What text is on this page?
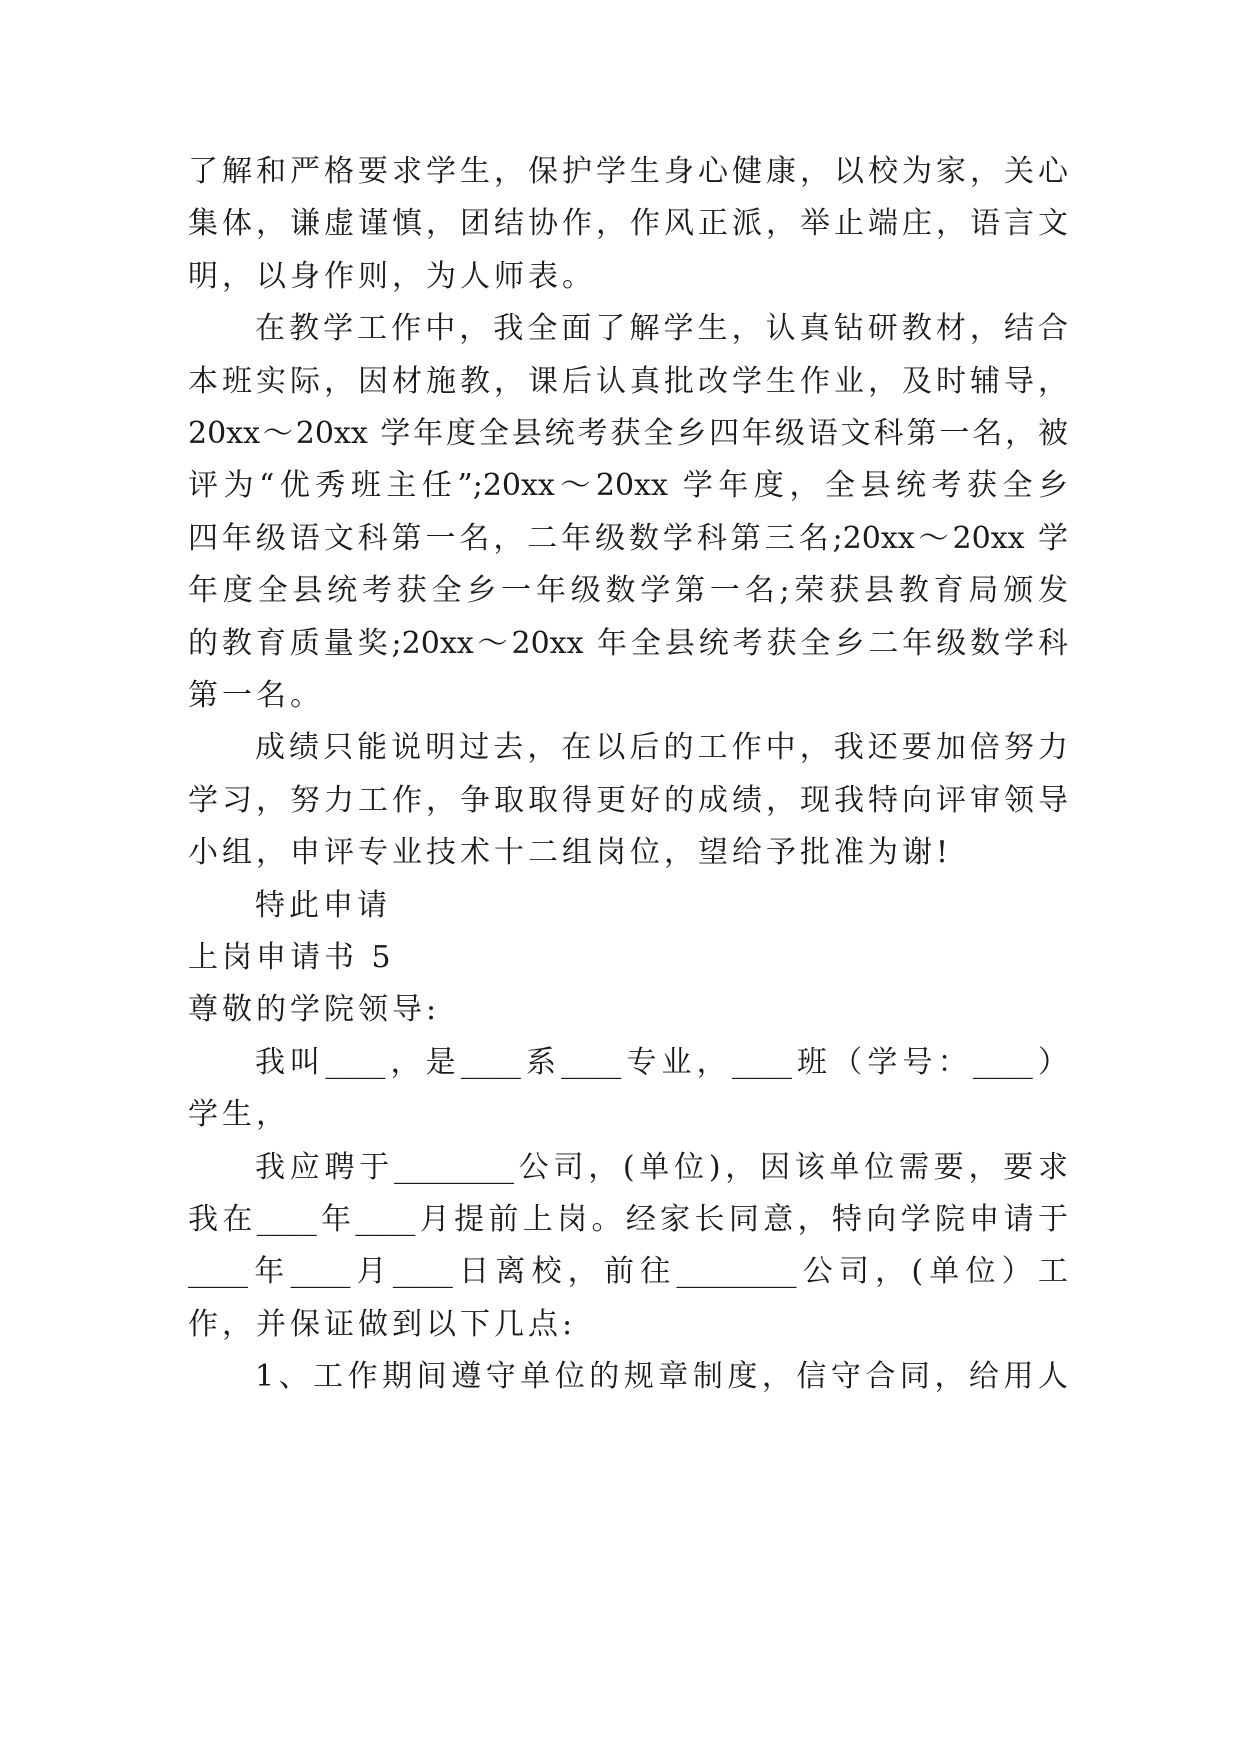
了解和严格要求学生，保护学生身心健康，以校为家，关心
集体，谦虚谨慎，团结协作，作风正派，举止端庄，语言文
明，以身作则，为人师表。
在教学工作中，我全面了解学生，认真钻研教材，结合
本班实际，因材施教，课后认真批改学生作业，及时辅导，
20xx～20xx 学年度全县统考获全乡四年级语文科第一名，被
评为“优秀班主任”;20xx～20xx 学年度，全县统考获全乡
四年级语文科第一名，二年级数学科第三名;20xx～20xx 学
年度全县统考获全乡一年级数学第一名;荣获县教育局颁发
的教育质量奖;20xx～20xx 年全县统考获全乡二年级数学科
第一名。
成绩只能说明过去，在以后的工作中，我还要加倍努力
学习，努力工作，争取取得更好的成绩，现我特向评审领导
小组，申评专业技术十二组岗位，望给予批准为谢!
特此申请
上岗申请书 5
尊敬的学院领导:
我叫____，是____系____专业，____班（学号：____）
学生，
我应聘于________公司，(单位)，因该单位需要，要求
我在____年____月提前上岗。经家长同意，特向学院申请于
____年____月____日离校，前往________公司，(单位）工
作，并保证做到以下几点:
1、工作期间遵守单位的规章制度，信守合同，给用人
